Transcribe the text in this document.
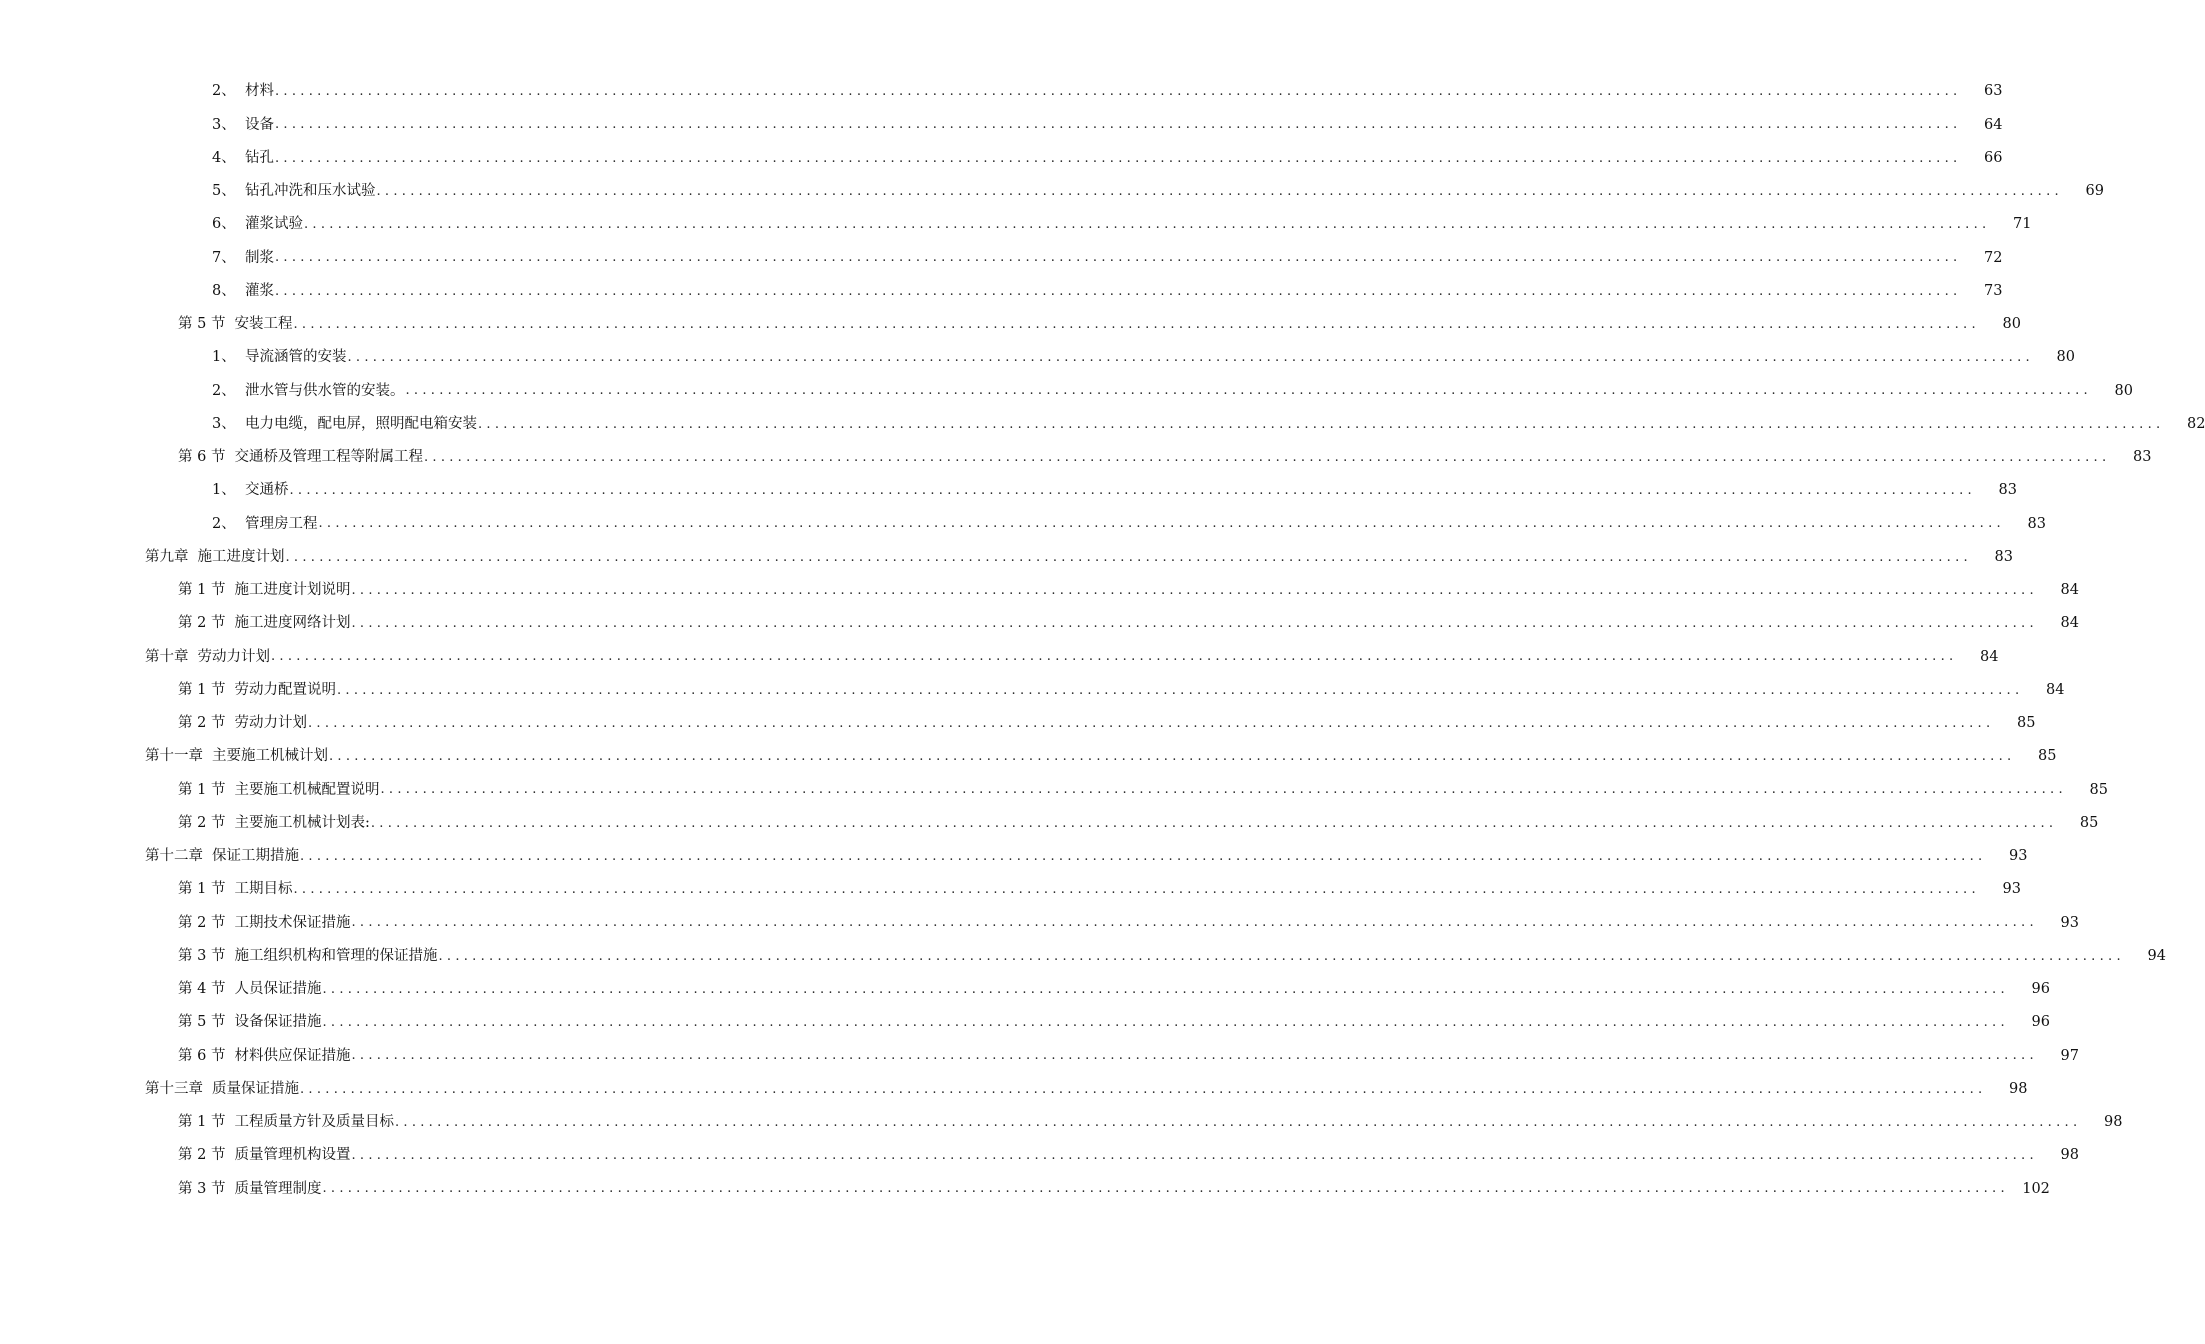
2、 材料 ........................................................................................................................................................................................................	63
3、 设备 ........................................................................................................................................................................................................	64
4、 钻孔 ........................................................................................................................................................................................................	66
5、 钻孔冲洗和压水试验 ........................................................................................................................................................................................................	69
6、 灌浆试验 ........................................................................................................................................................................................................	71
7、 制浆 ........................................................................................................................................................................................................	72
8、 灌浆 ........................................................................................................................................................................................................	73
第 5 节 安装工程 ........................................................................................................................................................................................................	80
1、 导流涵管的安装 ........................................................................................................................................................................................................	80
2、 泄水管与供水管的安装。 ........................................................................................................................................................................................................	80
3、 电力电缆，配电屏，照明配电箱安装 ........................................................................................................................................................................................................	82
第 6 节 交通桥及管理工程等附属工程 ........................................................................................................................................................................................................	83
1、 交通桥 ........................................................................................................................................................................................................	83
2、 管理房工程 ........................................................................................................................................................................................................	83
第九章 施工进度计划 ........................................................................................................................................................................................................	83
第 1 节 施工进度计划说明 ........................................................................................................................................................................................................	84
第 2 节 施工进度网络计划 ........................................................................................................................................................................................................	84
第十章 劳动力计划 ........................................................................................................................................................................................................	84
第 1 节 劳动力配置说明 ........................................................................................................................................................................................................	84
第 2 节 劳动力计划 ........................................................................................................................................................................................................	85
第十一章 主要施工机械计划 ........................................................................................................................................................................................................	85
第 1 节 主要施工机械配置说明 ........................................................................................................................................................................................................	85
第 2 节 主要施工机械计划表: ........................................................................................................................................................................................................	85
第十二章 保证工期措施 ........................................................................................................................................................................................................	93
第 1 节 工期目标 ........................................................................................................................................................................................................	93
第 2 节 工期技术保证措施 ........................................................................................................................................................................................................	93
第 3 节 施工组织机构和管理的保证措施 ........................................................................................................................................................................................................	94
第 4 节 人员保证措施 ........................................................................................................................................................................................................	96
第 5 节 设备保证措施 ........................................................................................................................................................................................................	96
第 6 节 材料供应保证措施 ........................................................................................................................................................................................................	97
第十三章 质量保证措施 ........................................................................................................................................................................................................	98
第 1 节 工程质量方针及质量目标 ........................................................................................................................................................................................................	98
第 2 节 质量管理机构设置 ........................................................................................................................................................................................................	98
第 3 节 质量管理制度 ........................................................................................................................................................................................................ 102
